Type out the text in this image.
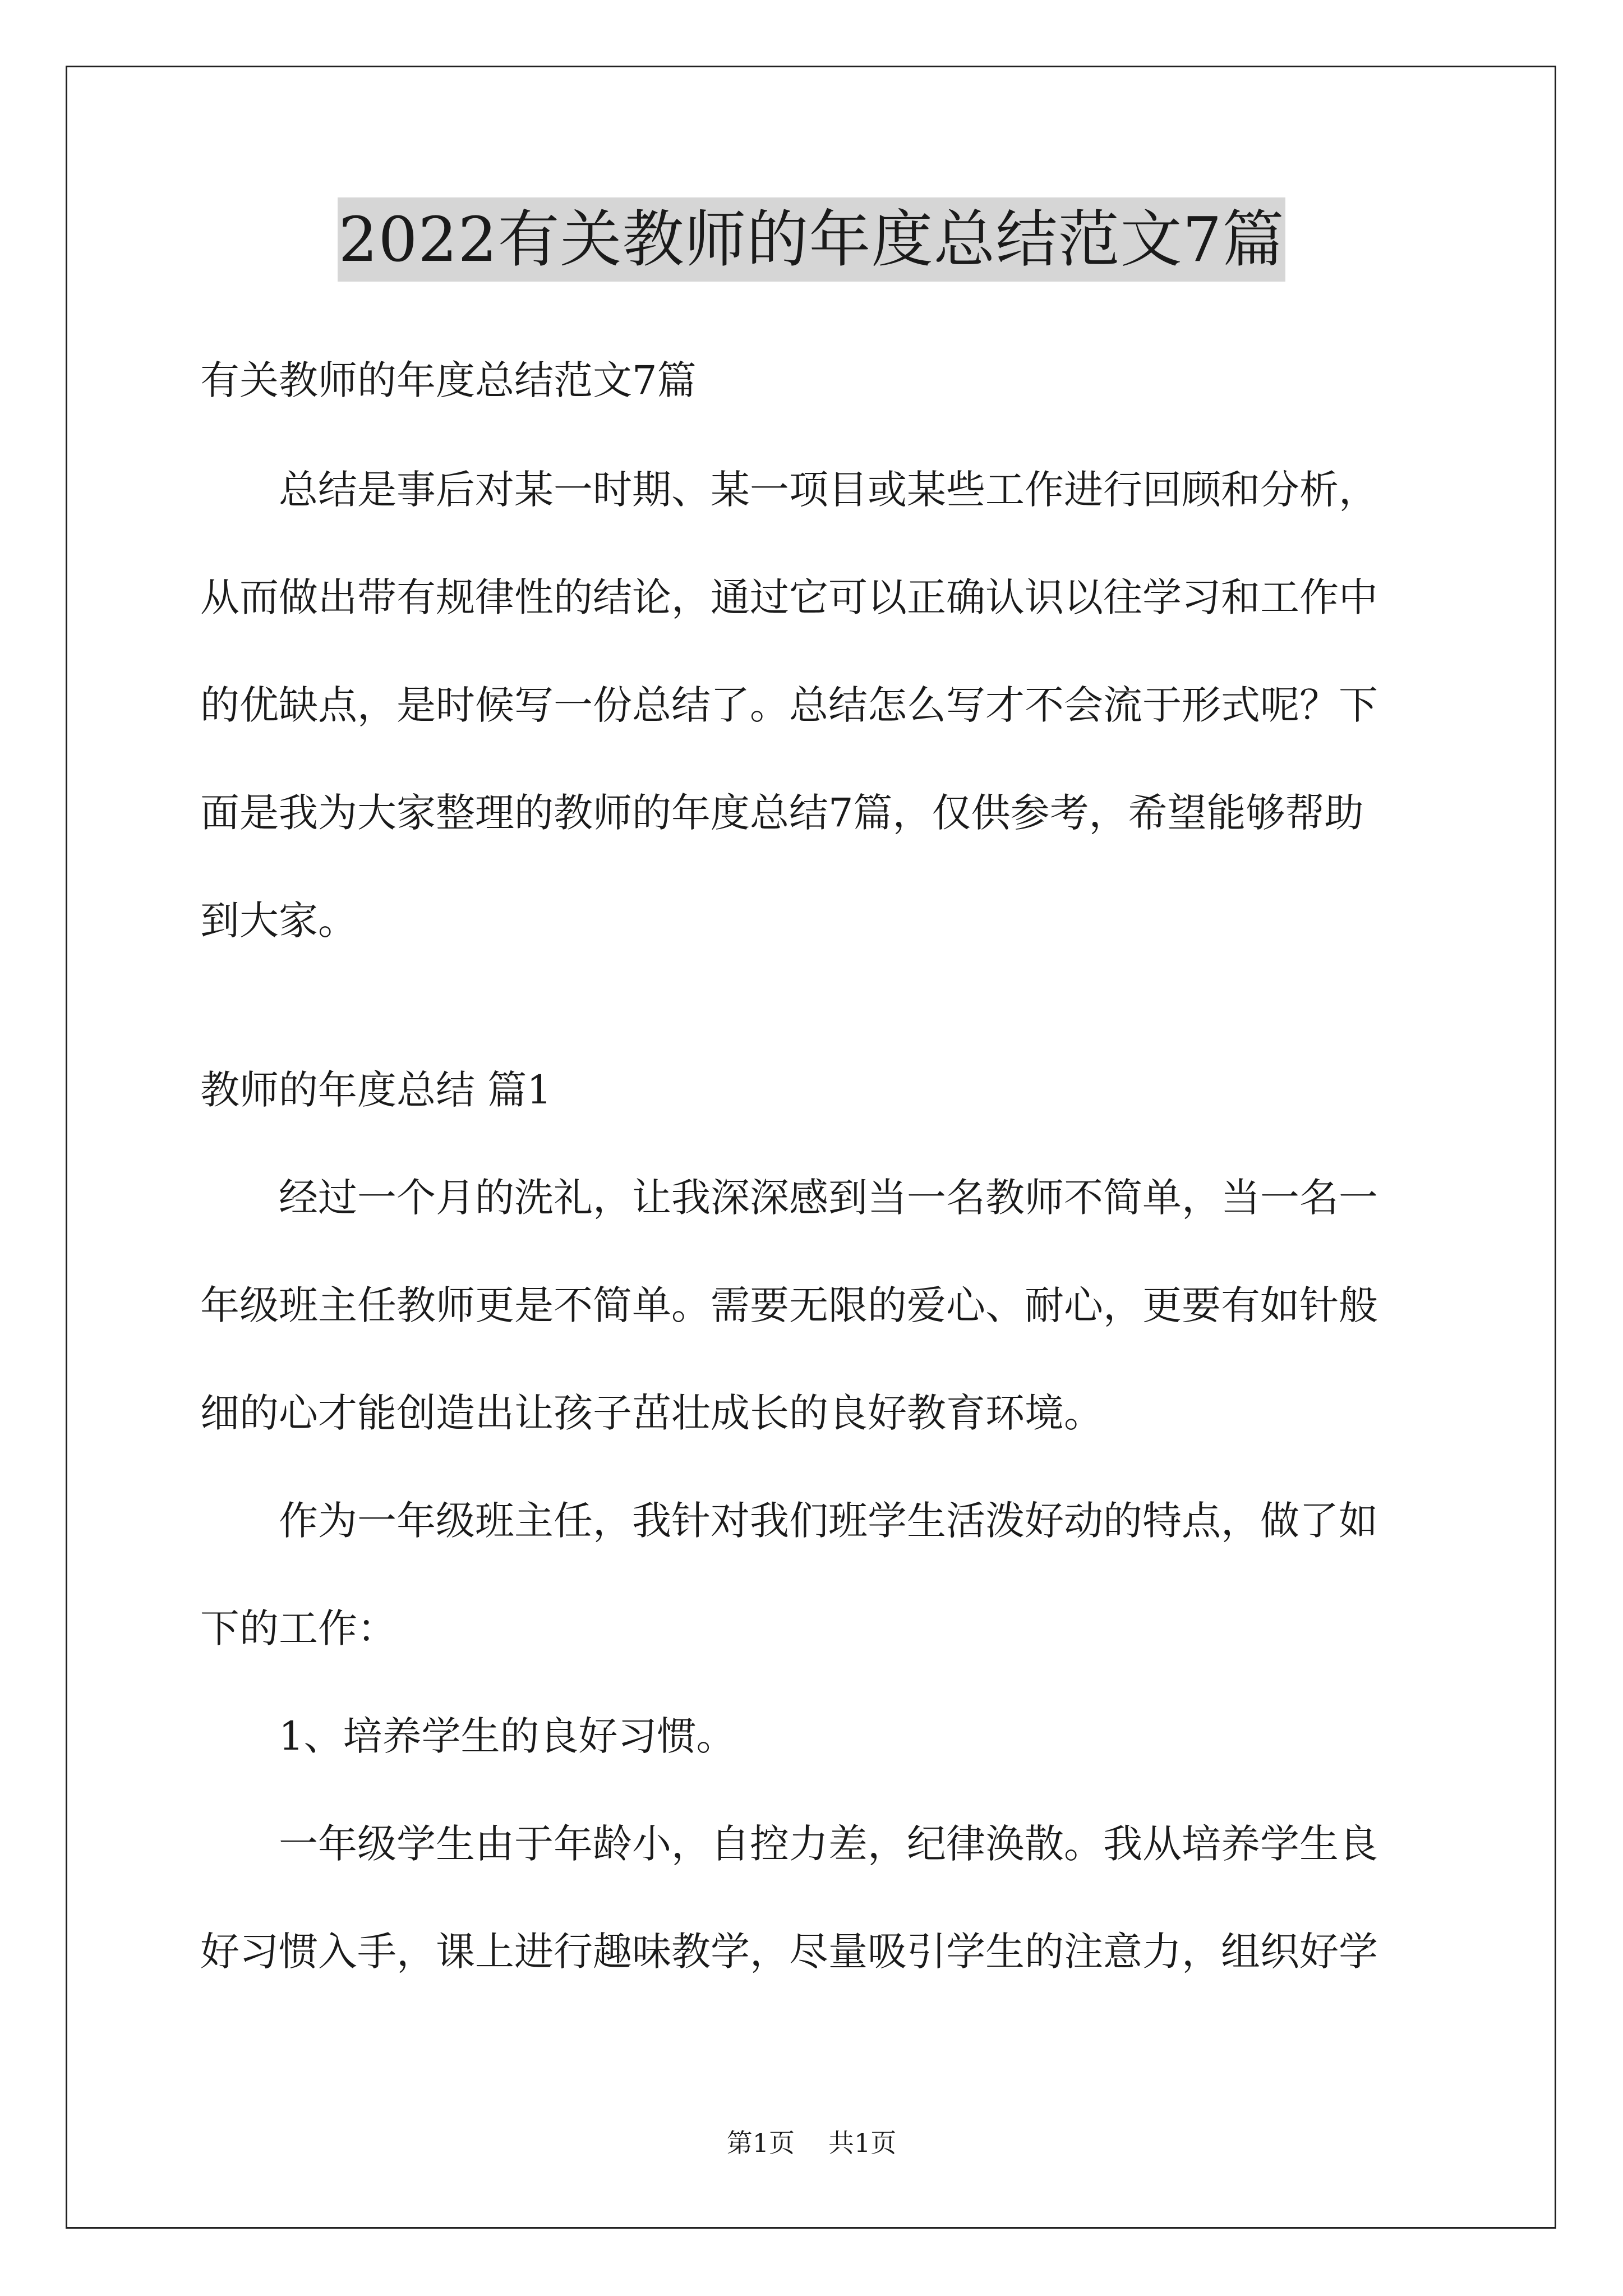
2022有关教师的年度总结范文7篇
有关教师的年度总结范文7篇
总结是事后对某一时期、某一项目或某些工作进行回顾和分析，
从而做出带有规律性的结论，通过它可以正确认识以往学习和工作中
的优缺点，是时候写一份总结了。总结怎么写才不会流于形式呢？下
面是我为大家整理的教师的年度总结7篇，仅供参考，希望能够帮助
到大家。
教师的年度总结 篇1
经过一个月的洗礼，让我深深感到当一名教师不简单，当一名一
年级班主任教师更是不简单。需要无限的爱心、耐心，更要有如针般
细的心才能创造出让孩子茁壮成长的良好教育环境。
作为一年级班主任，我针对我们班学生活泼好动的特点，做了如
下的工作：
1、培养学生的良好习惯。
一年级学生由于年龄小，自控力差，纪律涣散。我从培养学生良
好习惯入手，课上进行趣味教学，尽量吸引学生的注意力，组织好学
第1页 共1页
